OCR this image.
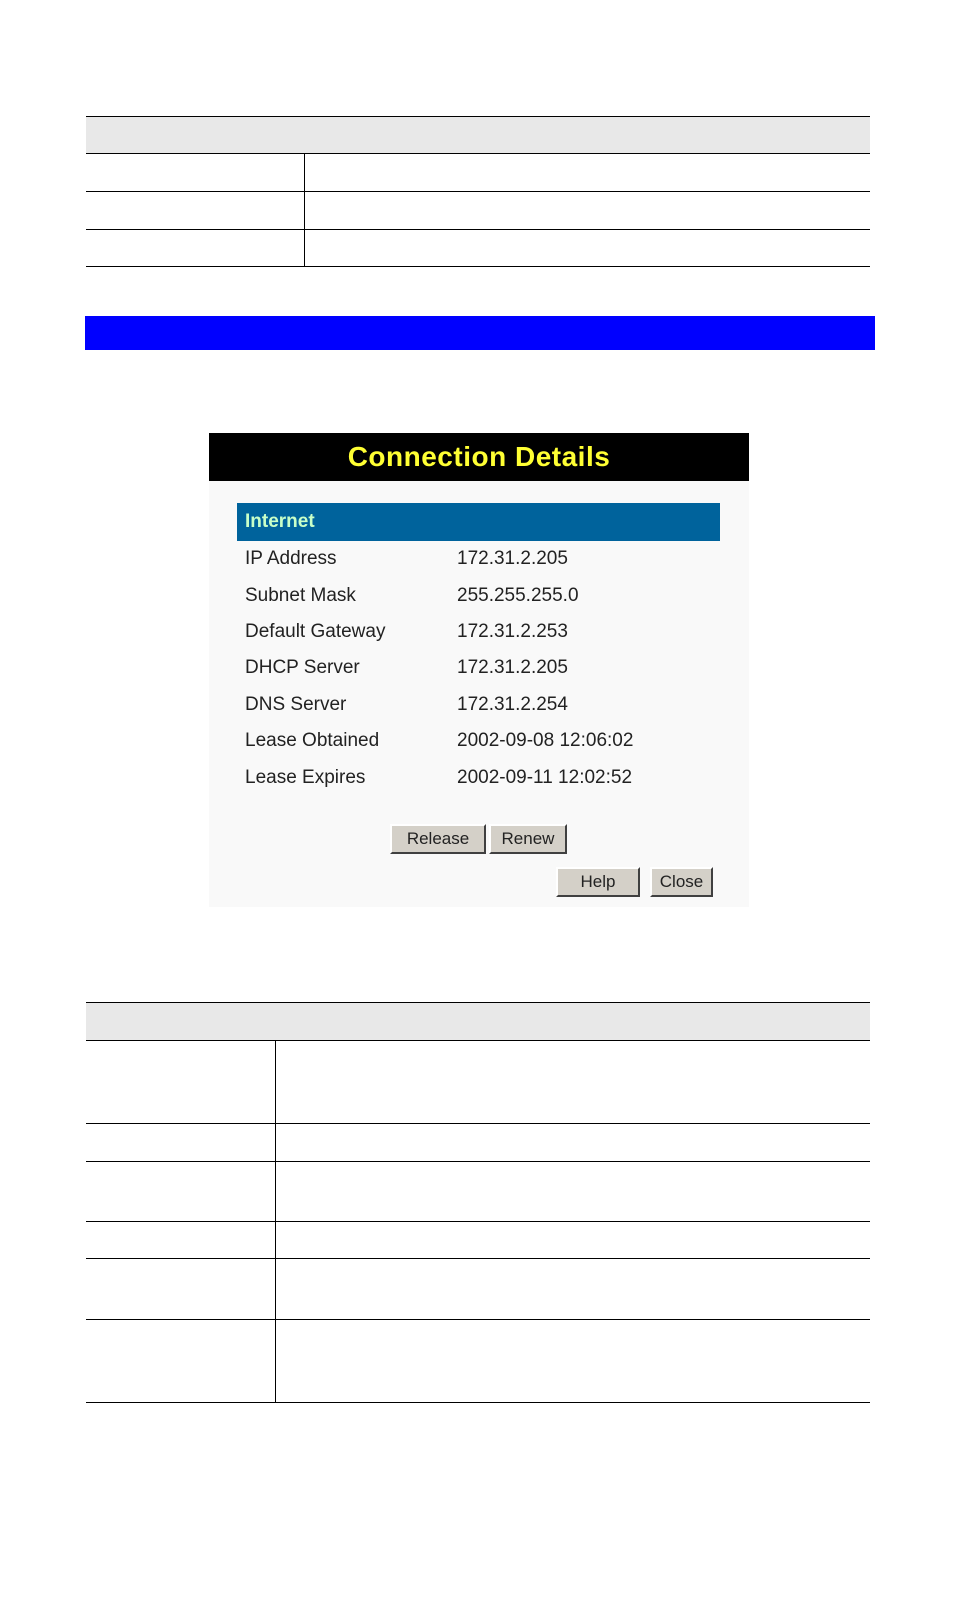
Connection Details
Internet
IP Address	172.31.2.205
Subnet Mask	255.255.255.0
Default Gateway	172.31.2.253
DHCP Server	172.31.2.205
DNS Server	172.31.2.254
Lease Obtained	2002-09-08 12:06:02
Lease Expires	2002-09-11 12:02:52
Release	Renew
Help	Close
